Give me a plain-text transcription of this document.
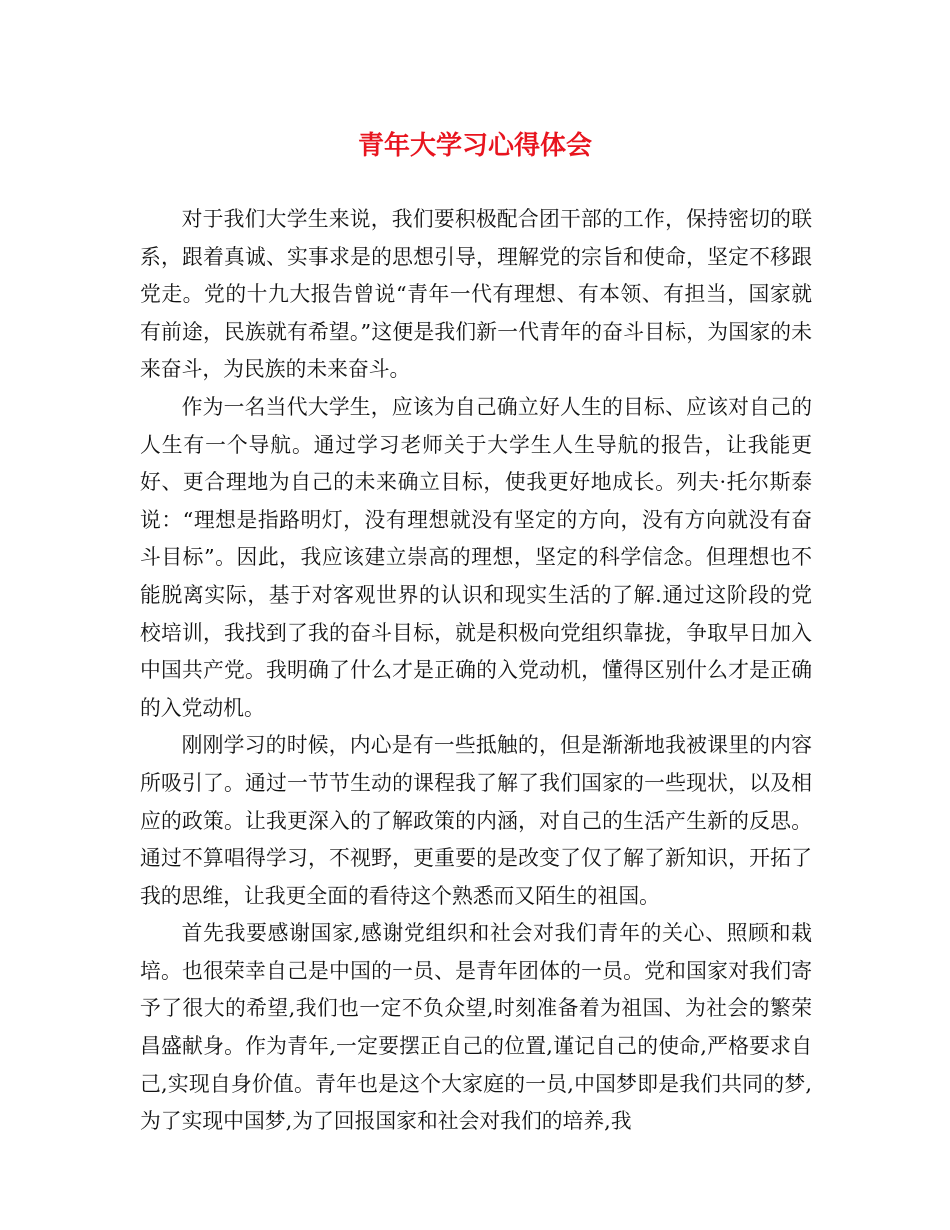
青年大学习心得体会

对于我们大学生来说，我们要积极配合团干部的工作，保持密切的联系，跟着真诚、实事求是的思想引导，理解党的宗旨和使命，坚定不移跟党走。党的十九大报告曾说“青年一代有理想、有本领、有担当，国家就有前途，民族就有希望。”这便是我们新一代青年的奋斗目标，为国家的未来奋斗，为民族的未来奋斗。

作为一名当代大学生，应该为自己确立好人生的目标、应该对自己的人生有一个导航。通过学习老师关于大学生人生导航的报告，让我能更好、更合理地为自己的未来确立目标，使我更好地成长。列夫·托尔斯泰说：“理想是指路明灯，没有理想就没有坚定的方向，没有方向就没有奋斗目标”。因此，我应该建立崇高的理想，坚定的科学信念。但理想也不能脱离实际，基于对客观世界的认识和现实生活的了解.通过这阶段的党校培训，我找到了我的奋斗目标，就是积极向党组织靠拢，争取早日加入中国共产党。我明确了什么才是正确的入党动机，懂得区别什么才是正确的入党动机。

刚刚学习的时候，内心是有一些抵触的，但是渐渐地我被课里的内容所吸引了。通过一节节生动的课程我了解了我们国家的一些现状，以及相应的政策。让我更深入的了解政策的内涵，对自己的生活产生新的反思。通过不算唱得学习，不视野，更重要的是改变了仅了解了新知识，开拓了我的思维，让我更全面的看待这个熟悉而又陌生的祖国。

首先我要感谢国家,感谢党组织和社会对我们青年的关心、照顾和栽培。也很荣幸自己是中国的一员、是青年团体的一员。党和国家对我们寄予了很大的希望,我们也一定不负众望,时刻准备着为祖国、为社会的繁荣昌盛献身。作为青年,一定要摆正自己的位置,谨记自己的使命,严格要求自己,实现自身价值。青年也是这个大家庭的一员,中国梦即是我们共同的梦,为了实现中国梦,为了回报国家和社会对我们的培养,我
